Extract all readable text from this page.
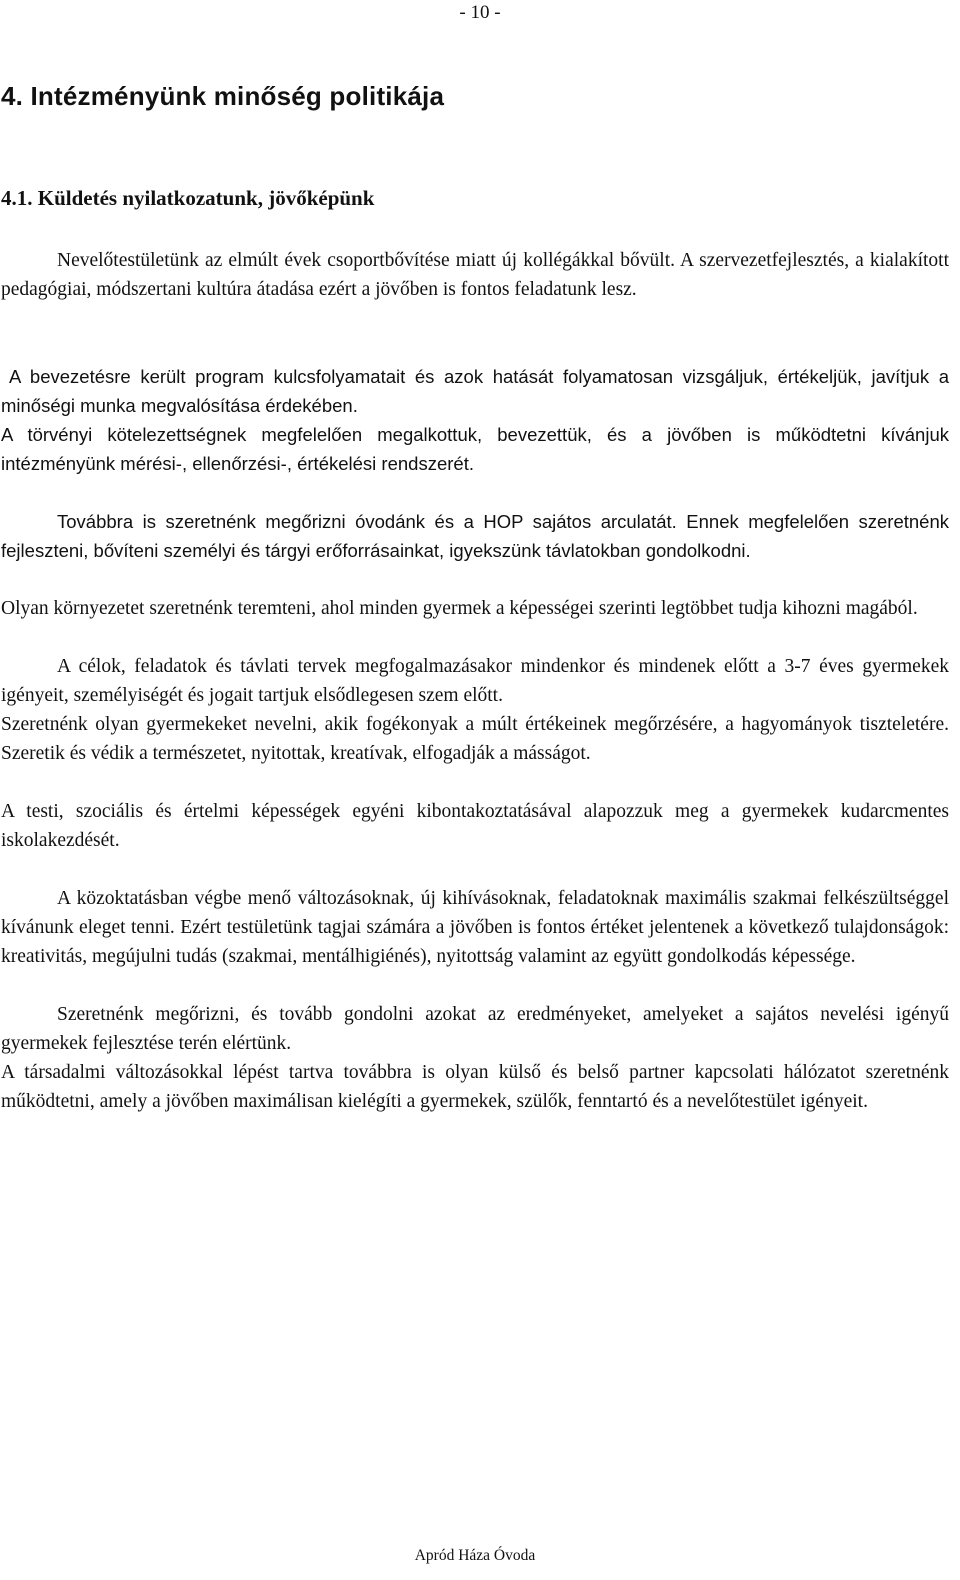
- 10 -
4. Intézményünk minőség politikája
4.1. Küldetés nyilatkozatunk, jövőképünk

Nevelőtestületünk az elmúlt évek csoportbővítése miatt új kollégákkal bővült. A szervezetfejlesztés, a kialakított pedagógiai, módszertani kultúra átadása ezért a jövőben is fontos feladatunk lesz.

A bevezetésre került program kulcsfolyamatait és azok hatását folyamatosan vizsgáljuk, értékeljük, javítjuk a minőségi munka megvalósítása érdekében.

A törvényi kötelezettségnek megfelelően megalkottuk, bevezettük, és a jövőben is működtetni kívánjuk intézményünk mérési-, ellenőrzési-, értékelési rendszerét.

Továbbra is szeretnénk megőrizni óvodánk és a HOP sajátos arculatát. Ennek megfelelően szeretnénk fejleszteni, bővíteni személyi és tárgyi erőforrásainkat, igyekszünk távlatokban gondolkodni.

Olyan környezetet szeretnénk teremteni, ahol minden gyermek a képességei szerinti legtöbbet tudja kihozni magából.

A célok, feladatok és távlati tervek megfogalmazásakor mindenkor és mindenek előtt a 3-7 éves gyermekek igényeit, személyiségét és jogait tartjuk elsődlegesen szem előtt.

Szeretnénk olyan gyermekeket nevelni, akik fogékonyak a múlt értékeinek megőrzésére, a hagyományok tiszteletére. Szeretik és védik a természetet, nyitottak, kreatívak, elfogadják a másságot.

A testi, szociális és értelmi képességek egyéni kibontakoztatásával alapozzuk meg a gyermekek kudarcmentes iskolakezdését.

A közoktatásban végbe menő változásoknak, új kihívásoknak, feladatoknak maximális szakmai felkészültséggel kívánunk eleget tenni. Ezért testületünk tagjai számára a jövőben is fontos értéket jelentenek a következő tulajdonságok: kreativitás, megújulni tudás (szakmai, mentálhigiénés), nyitottság valamint az együtt gondolkodás képessége.

Szeretnénk megőrizni, és tovább gondolni azokat az eredményeket, amelyeket a sajátos nevelési igényű gyermekek fejlesztése terén elértünk.

A társadalmi változásokkal lépést tartva továbbra is olyan külső és belső partner kapcsolati hálózatot szeretnénk működtetni, amely a jövőben maximálisan kielégíti a gyermekek, szülők, fenntartó és a nevelőtestület igényeit.

Apród Háza Óvoda
